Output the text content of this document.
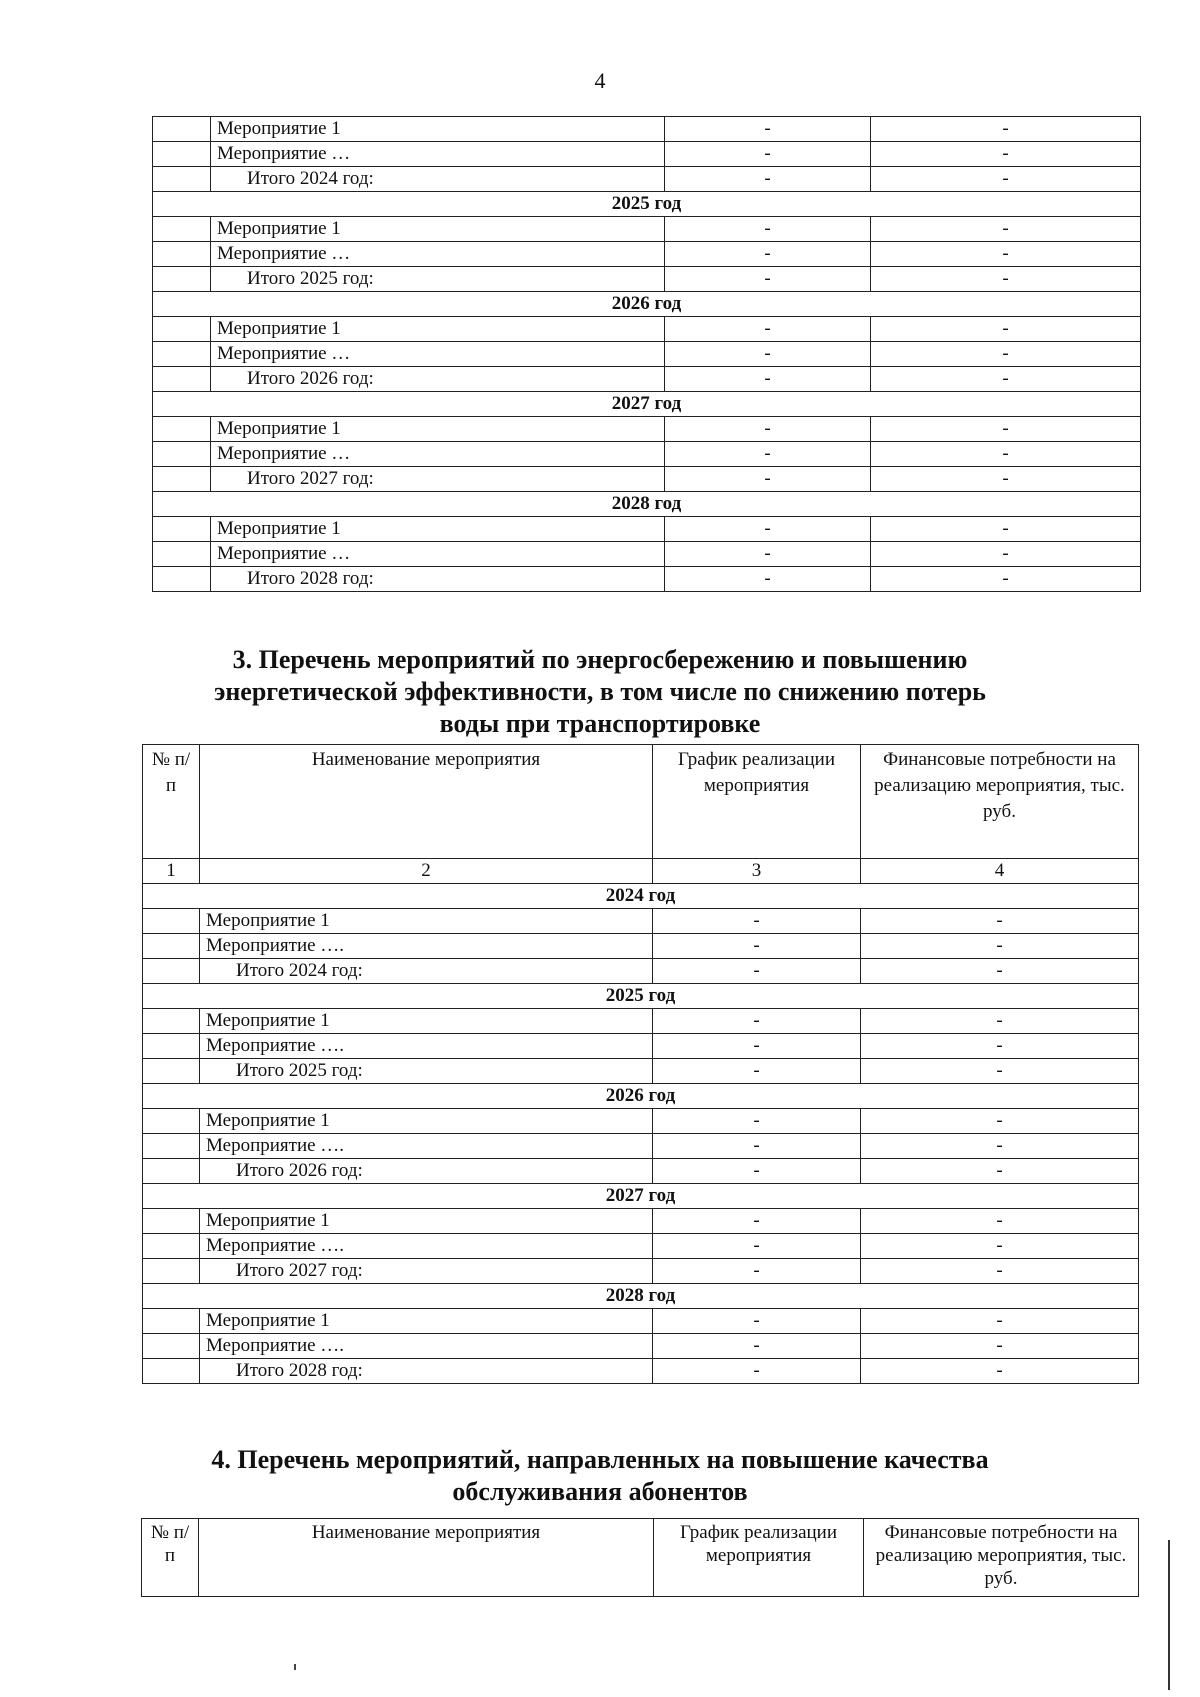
4
	Мероприятие 1	-	-
	Мероприятие …	-	-
	Итого 2024 год:	-	-
2025 год			
	Мероприятие 1	-	-
	Мероприятие …	-	-
	Итого 2025 год:	-	-
2026 год			
	Мероприятие 1	-	-
	Мероприятие …	-	-
	Итого 2026 год:	-	-
2027 год			
	Мероприятие 1	-	-
	Мероприятие …	-	-
	Итого 2027 год:	-	-
2028 год			
	Мероприятие 1	-	-
	Мероприятие …	-	-
	Итого 2028 год:	-	-
3. Перечень мероприятий по энергосбережению и повышению
энергетической эффективности, в том числе по снижению потерь
воды при транспортировке
№ п/п	Наименование мероприятия	График реализации мероприятия	Финансовые потребности на реализацию мероприятия, тыс. руб.
1	2	3	4
2024 год			
	Мероприятие 1	-	-
	Мероприятие ….	-	-
	Итого 2024 год:	-	-
2025 год			
	Мероприятие 1	-	-
	Мероприятие ….	-	-
	Итого 2025 год:	-	-
2026 год			
	Мероприятие 1	-	-
	Мероприятие ….	-	-
	Итого 2026 год:	-	-
2027 год			
	Мероприятие 1	-	-
	Мероприятие ….	-	-
	Итого 2027 год:	-	-
2028 год			
	Мероприятие 1	-	-
	Мероприятие ….	-	-
	Итого 2028 год:	-	-
4. Перечень мероприятий, направленных на повышение качества
обслуживания абонентов
№ п/п	Наименование мероприятия	График реализации мероприятия	Финансовые потребности на реализацию мероприятия, тыс. руб.
